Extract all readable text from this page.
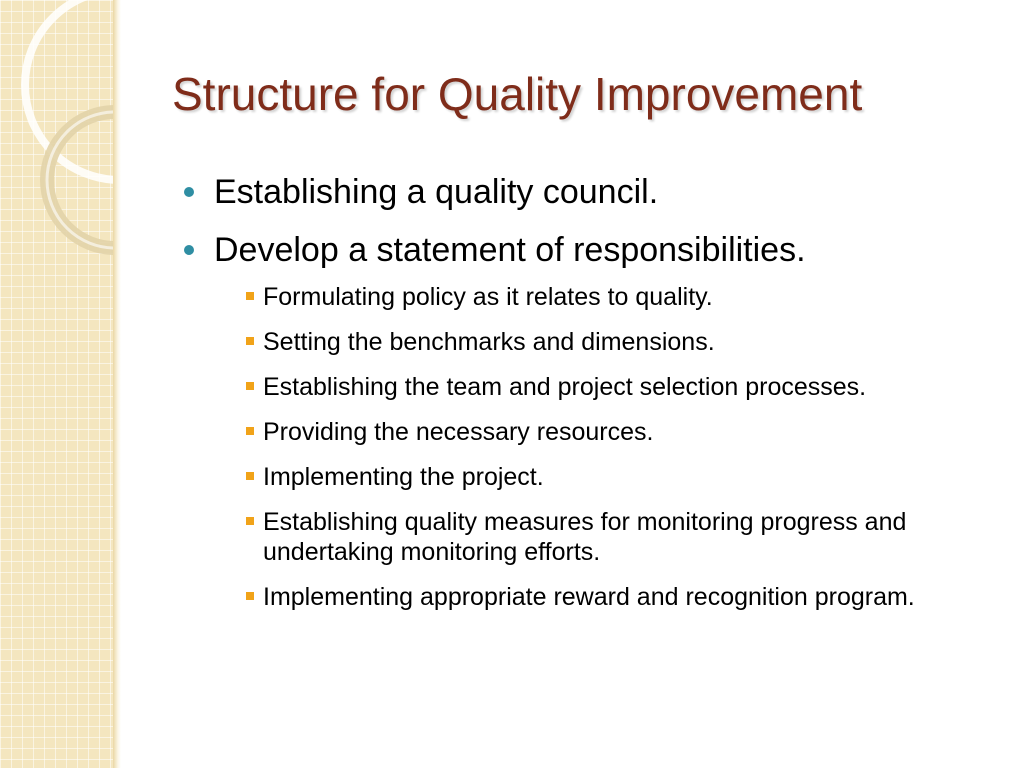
Structure for Quality Improvement
Establishing a quality council.
Develop a statement of responsibilities.
Formulating policy as it relates to quality.
Setting the benchmarks and dimensions.
Establishing the team and project selection processes.
Providing the necessary resources.
Implementing the project.
Establishing quality measures for monitoring progress and undertaking monitoring efforts.
Implementing appropriate reward and recognition program.
